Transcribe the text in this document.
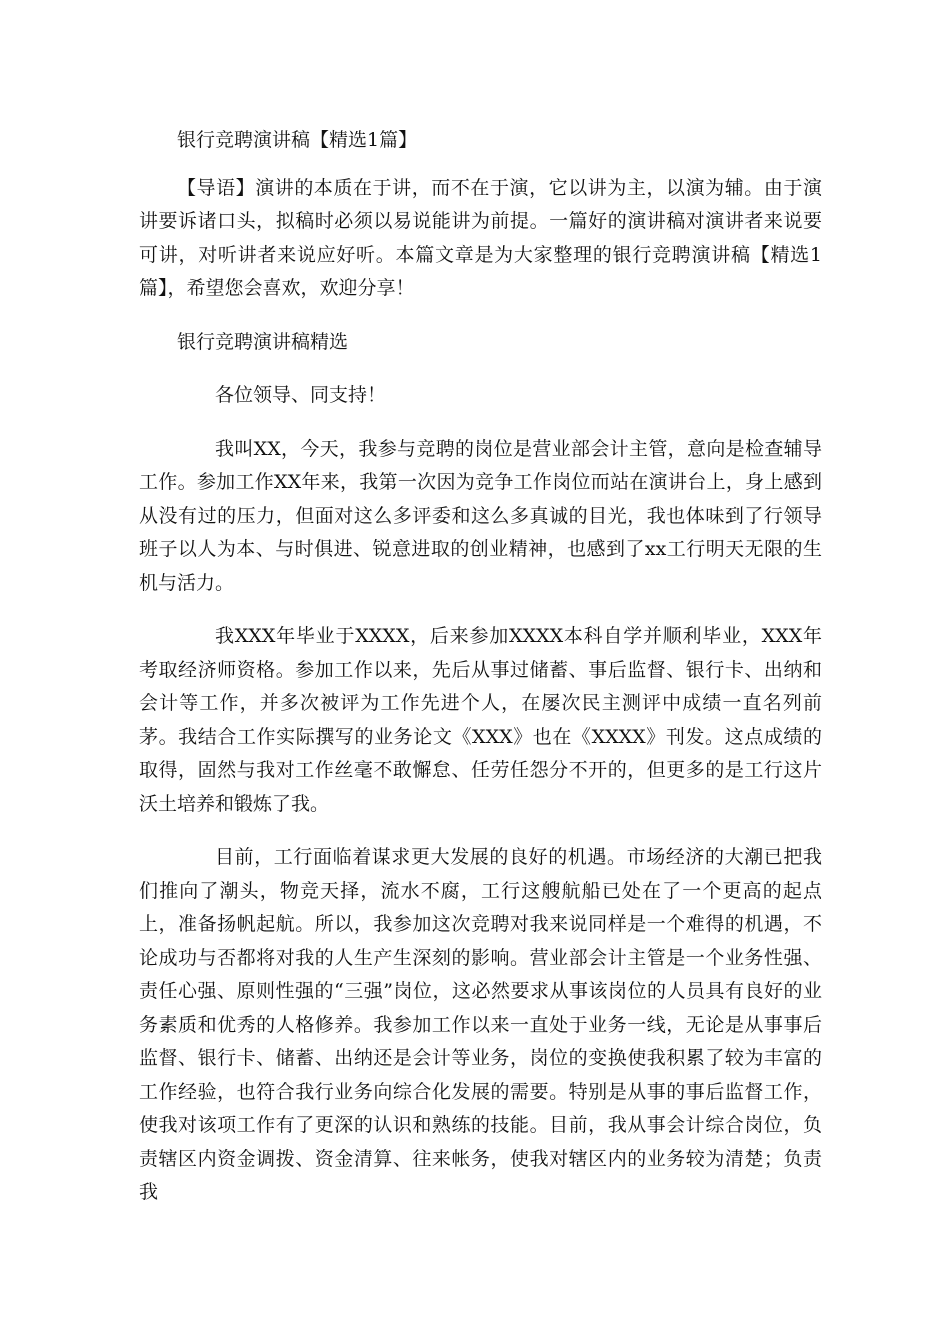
银行竞聘演讲稿【精选1篇】

【导语】演讲的本质在于讲，而不在于演，它以讲为主，以演为辅。由于演讲要诉诸口头，拟稿时必须以易说能讲为前提。一篇好的演讲稿对演讲者来说要可讲，对听讲者来说应好听。本篇文章是为大家整理的银行竞聘演讲稿【精选1篇】，希望您会喜欢，欢迎分享！

银行竞聘演讲稿精选

各位领导、同支持！

我叫XX，今天，我参与竞聘的岗位是营业部会计主管，意向是检查辅导工作。参加工作XX年来，我第一次因为竞争工作岗位而站在演讲台上，身上感到从没有过的压力，但面对这么多评委和这么多真诚的目光，我也体味到了行领导班子以人为本、与时俱进、锐意进取的创业精神，也感到了xx工行明天无限的生机与活力。

我XXX年毕业于XXXX，后来参加XXXX本科自学并顺利毕业，XXX年考取经济师资格。参加工作以来，先后从事过储蓄、事后监督、银行卡、出纳和会计等工作，并多次被评为工作先进个人，在屡次民主测评中成绩一直名列前茅。我结合工作实际撰写的业务论文《XXX》也在《XXXX》刊发。这点成绩的取得，固然与我对工作丝毫不敢懈怠、任劳任怨分不开的，但更多的是工行这片沃土培养和锻炼了我。

目前，工行面临着谋求更大发展的良好的机遇。市场经济的大潮已把我们推向了潮头，物竞天择，流水不腐，工行这艘航船已处在了一个更高的起点上，准备扬帆起航。所以，我参加这次竞聘对我来说同样是一个难得的机遇，不论成功与否都将对我的人生产生深刻的影响。营业部会计主管是一个业务性强、责任心强、原则性强的“三强”岗位，这必然要求从事该岗位的人员具有良好的业务素质和优秀的人格修养。我参加工作以来一直处于业务一线，无论是从事事后监督、银行卡、储蓄、出纳还是会计等业务，岗位的变换使我积累了较为丰富的工作经验，也符合我行业务向综合化发展的需要。特别是从事的事后监督工作，使我对该项工作有了更深的认识和熟练的技能。目前，我从事会计综合岗位，负责辖区内资金调拨、资金清算、往来帐务，使我对辖区内的业务较为清楚；负责我
